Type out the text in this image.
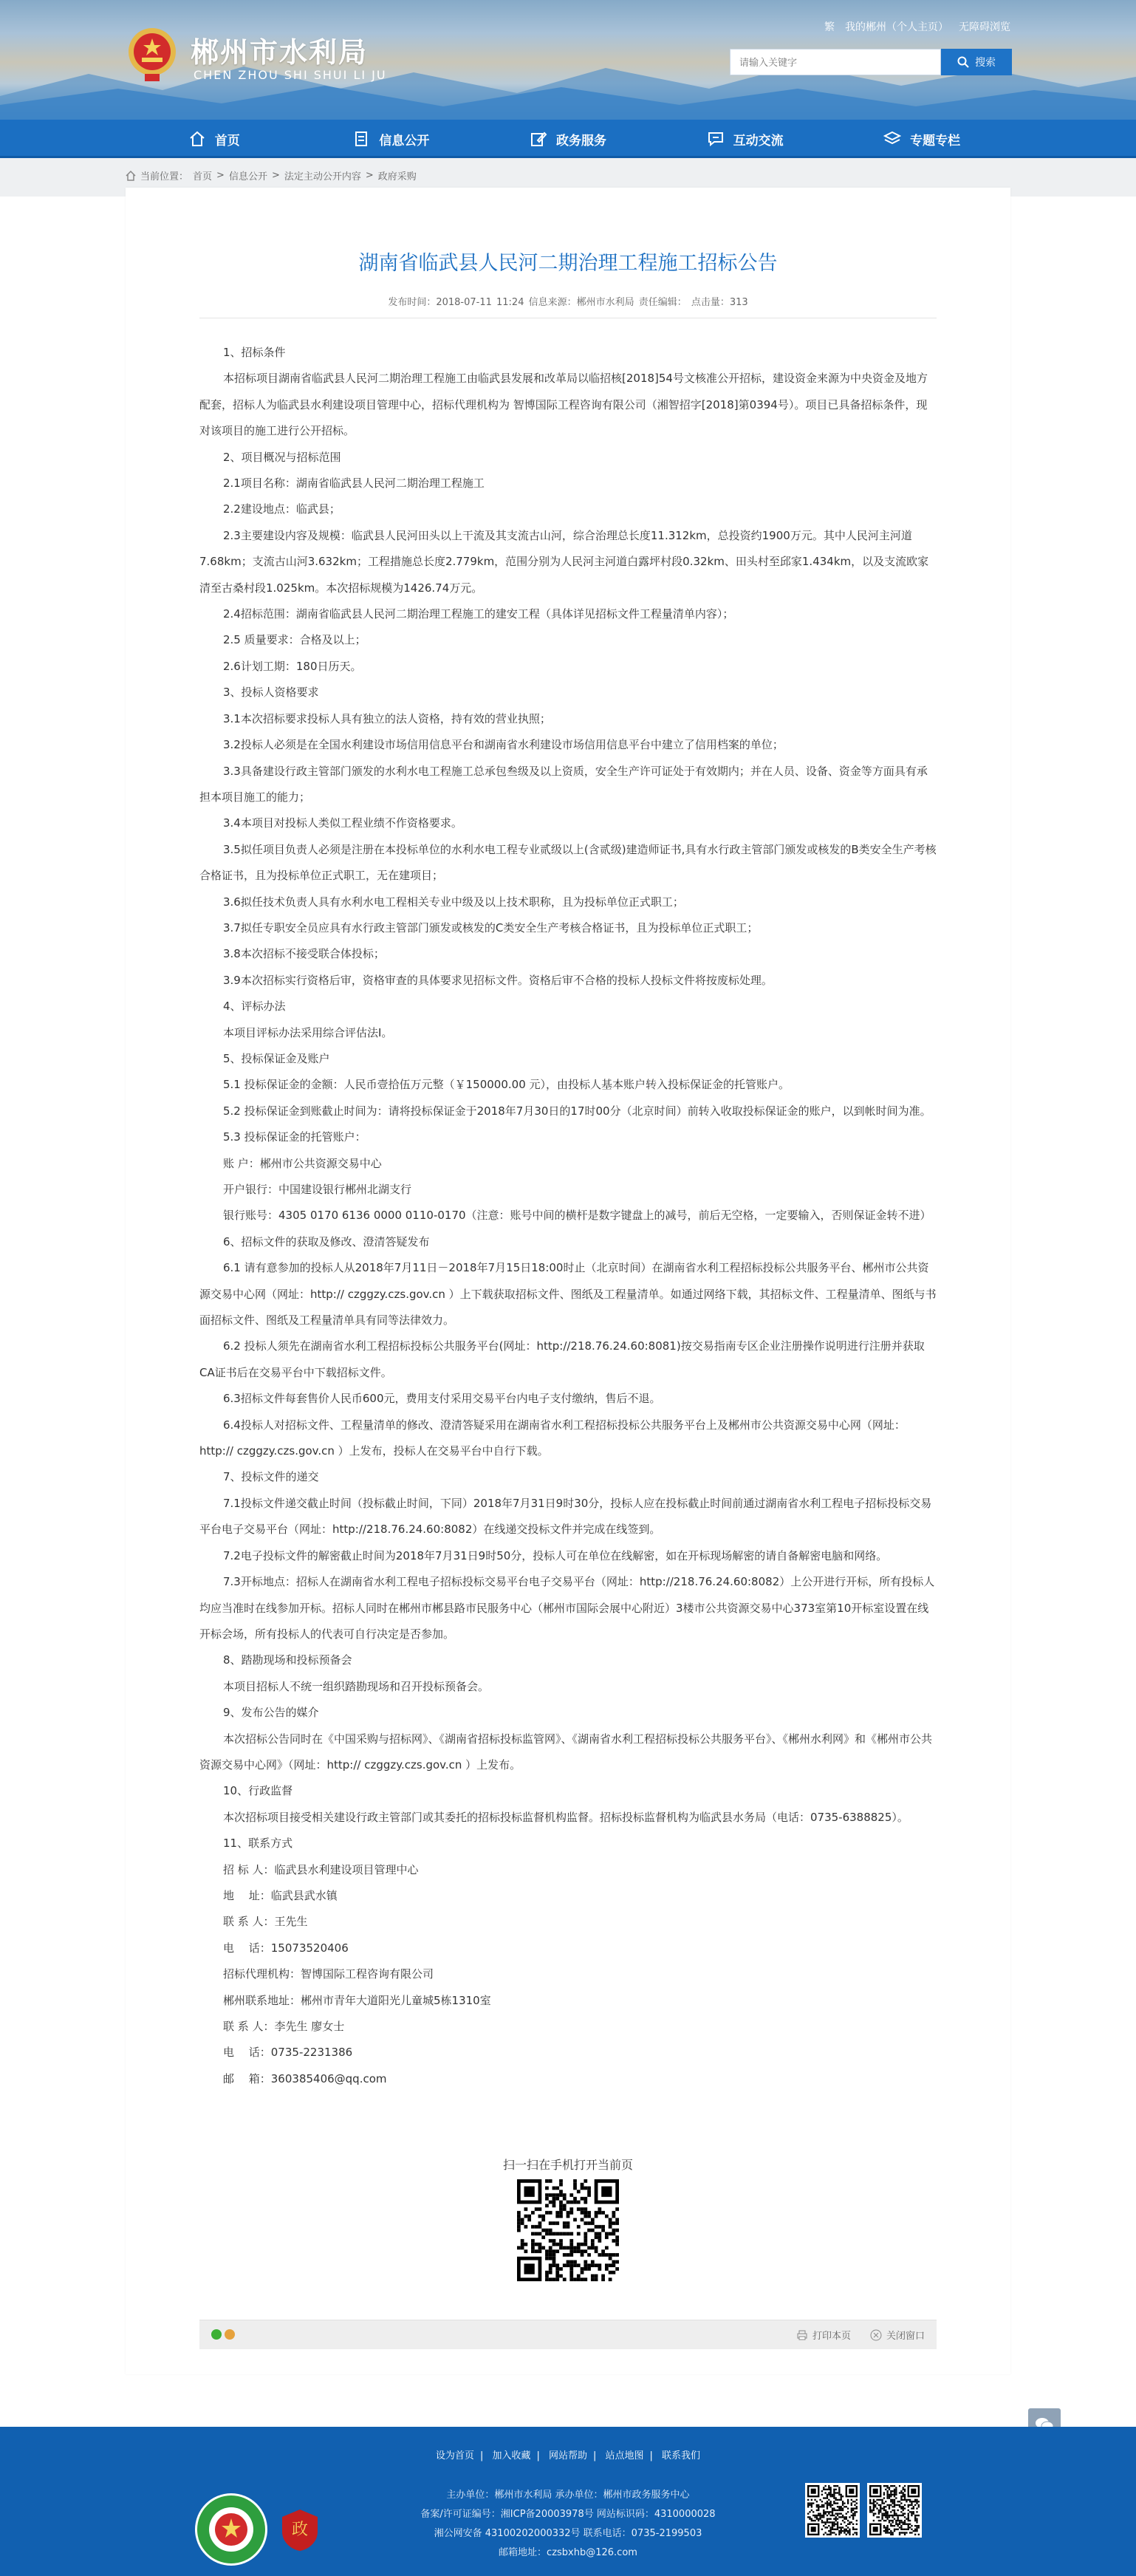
郴州市水利局
CHEN ZHOU SHI SHUI LI JU
繁 我的郴州（个人主页） 无障碍浏览
请输入关键字
搜索
首页	信息公开	政务服务	互动交流	专题专栏
当前位置： 首页 > 信息公开 > 法定主动公开内容 > 政府采购
湖南省临武县人民河二期治理工程施工招标公告
发布时间：2018-07-11 11:24 信息来源：郴州市水利局 责任编辑： 点击量：313

1、招标条件

本招标项目湖南省临武县人民河二期治理工程施工由临武县发展和改革局以临招核[2018]54号文核准公开招标，建设资金来源为中央资金及地方配套，招标人为临武县水利建设项目管理中心，招标代理机构为 智博国际工程咨询有限公司（湘智招字[2018]第0394号）。项目已具备招标条件，现对该项目的施工进行公开招标。

2、项目概况与招标范围

2.1项目名称：湖南省临武县人民河二期治理工程施工

2.2建设地点：临武县；

2.3主要建设内容及规模：临武县人民河田头以上干流及其支流古山河，综合治理总长度11.312km，总投资约1900万元。其中人民河主河道7.68km；支流古山河3.632km；工程措施总长度2.779km，范围分别为人民河主河道白露坪村段0.32km、田头村至邱家1.434km，以及支流欧家清至古桑村段1.025km。本次招标规模为1426.74万元。

2.4招标范围：湖南省临武县人民河二期治理工程施工的建安工程（具体详见招标文件工程量清单内容）；

2.5 质量要求：合格及以上；

2.6计划工期：180日历天。

3、投标人资格要求

3.1本次招标要求投标人具有独立的法人资格，持有效的营业执照；

3.2投标人必须是在全国水利建设市场信用信息平台和湖南省水利建设市场信用信息平台中建立了信用档案的单位；

3.3具备建设行政主管部门颁发的水利水电工程施工总承包叁级及以上资质，安全生产许可证处于有效期内；并在人员、设备、资金等方面具有承担本项目施工的能力；

3.4本项目对投标人类似工程业绩不作资格要求。

3.5拟任项目负责人必须是注册在本投标单位的水利水电工程专业贰级以上(含贰级)建造师证书,具有水行政主管部门颁发或核发的B类安全生产考核合格证书，且为投标单位正式职工，无在建项目；

3.6拟任技术负责人具有水利水电工程相关专业中级及以上技术职称，且为投标单位正式职工；

3.7拟任专职安全员应具有水行政主管部门颁发或核发的C类安全生产考核合格证书，且为投标单位正式职工；

3.8本次招标不接受联合体投标；

3.9本次招标实行资格后审，资格审查的具体要求见招标文件。资格后审不合格的投标人投标文件将按废标处理。

4、评标办法

本项目评标办法采用综合评估法Ⅰ。

5、投标保证金及账户

5.1 投标保证金的金额：人民币壹拾伍万元整（￥150000.00 元），由投标人基本账户转入投标保证金的托管账户。

5.2 投标保证金到账截止时间为：请将投标保证金于2018年7月30日的17时00分（北京时间）前转入收取投标保证金的账户，以到帐时间为准。

5.3 投标保证金的托管账户：

账 户：郴州市公共资源交易中心

开户银行：中国建设银行郴州北湖支行

银行账号：4305 0170 6136 0000 0110-0170（注意：账号中间的横杆是数字键盘上的减号，前后无空格，一定要输入，否则保证金转不进）

6、招标文件的获取及修改、澄清答疑发布

6.1 请有意参加的投标人从2018年7月11日－2018年7月15日18:00时止（北京时间）在湖南省水利工程招标投标公共服务平台、郴州市公共资源交易中心网（网址：http:// czggzy.czs.gov.cn ）上下载获取招标文件、图纸及工程量清单。如通过网络下载，其招标文件、工程量清单、图纸与书面招标文件、图纸及工程量清单具有同等法律效力。

6.2 投标人须先在湖南省水利工程招标投标公共服务平台(网址：http://218.76.24.60:8081)按交易指南专区企业注册操作说明进行注册并获取CA证书后在交易平台中下载招标文件。

6.3招标文件每套售价人民币600元，费用支付采用交易平台内电子支付缴纳，售后不退。

6.4投标人对招标文件、工程量清单的修改、澄清答疑采用在湖南省水利工程招标投标公共服务平台上及郴州市公共资源交易中心网（网址：http:// czggzy.czs.gov.cn ）上发布，投标人在交易平台中自行下载。

7、投标文件的递交

7.1投标文件递交截止时间（投标截止时间，下同）2018年7月31日9时30分，投标人应在投标截止时间前通过湖南省水利工程电子招标投标交易平台电子交易平台（网址：http://218.76.24.60:8082）在线递交投标文件并完成在线签到。

7.2电子投标文件的解密截止时间为2018年7月31日9时50分，投标人可在单位在线解密，如在开标现场解密的请自备解密电脑和网络。

7.3开标地点：招标人在湖南省水利工程电子招标投标交易平台电子交易平台（网址：http://218.76.24.60:8082）上公开进行开标，所有投标人均应当准时在线参加开标。招标人同时在郴州市郴县路市民服务中心（郴州市国际会展中心附近）3楼市公共资源交易中心373室第10开标室设置在线开标会场，所有投标人的代表可自行决定是否参加。

8、踏勘现场和投标预备会

本项目招标人不统一组织踏勘现场和召开投标预备会。

9、发布公告的媒介

本次招标公告同时在《中国采购与招标网》、《湖南省招标投标监管网》、《湖南省水利工程招标投标公共服务平台》、《郴州水利网》和《郴州市公共资源交易中心网》（网址：http:// czggzy.czs.gov.cn ）上发布。

10、行政监督

本次招标项目接受相关建设行政主管部门或其委托的招标投标监督机构监督。招标投标监督机构为临武县水务局（电话：0735-6388825）。

11、联系方式

招 标 人：临武县水利建设项目管理中心

地　 址：临武县武水镇

联 系 人：王先生

电　 话：15073520406

招标代理机构：智博国际工程咨询有限公司

郴州联系地址：郴州市青年大道阳光儿童城5栋1310室

联 系 人：李先生 廖女士

电　 话：0735-2231386

邮　 箱：360385406@qq.com

扫一扫在手机打开当前页
打印本页	关闭窗口
设为首页 | 加入收藏 | 网站帮助 | 站点地图 | 联系我们
政
主办单位：郴州市水利局 承办单位：郴州市政务服务中心
备案/许可证编号：湘ICP备20003978号 网站标识码：4310000028
湘公网安备 43100202000332号 联系电话：0735-2199503
邮箱地址：czsbxhb@126.com
